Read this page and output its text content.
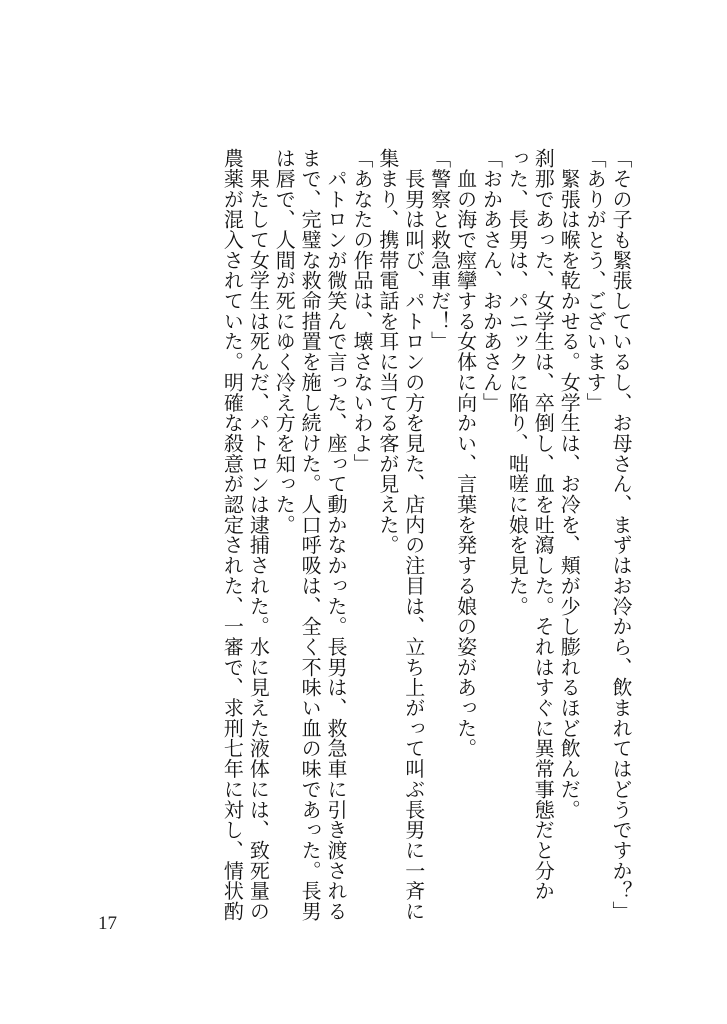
「その子も緊張しているし、お母さん、まずはお冷から、飲まれてはどうですか？」

「ありがとう、ございます」

　緊張は喉を乾かせる。女学生は、お冷を、頬が少し膨れるほど飲んだ。

刹那であった、女学生は、卒倒し、血を吐瀉した。それはすぐに異常事態だと分か

った、長男は、パニックに陥り、咄嗟に娘を見た。

「おかあさん、おかあさん」

　血の海で痙攣する女体に向かい、言葉を発する娘の姿があった。

「警察と救急車だ！」

　長男は叫び、パトロンの方を見た、店内の注目は、立ち上がって叫ぶ長男に一斉に

集まり、携帯電話を耳に当てる客が見えた。

「あなたの作品は、壊さないわよ」

　パトロンが微笑んで言った、座って動かなかった。長男は、救急車に引き渡される

まで、完璧な救命措置を施し続けた。人口呼吸は、全く不味い血の味であった。長男

は唇で、人間が死にゆく冷え方を知った。

　果たして女学生は死んだ、パトロンは逮捕された。水に見えた液体には、致死量の

農薬が混入されていた。明確な殺意が認定された、一審で、求刑七年に対し、情状酌

17
